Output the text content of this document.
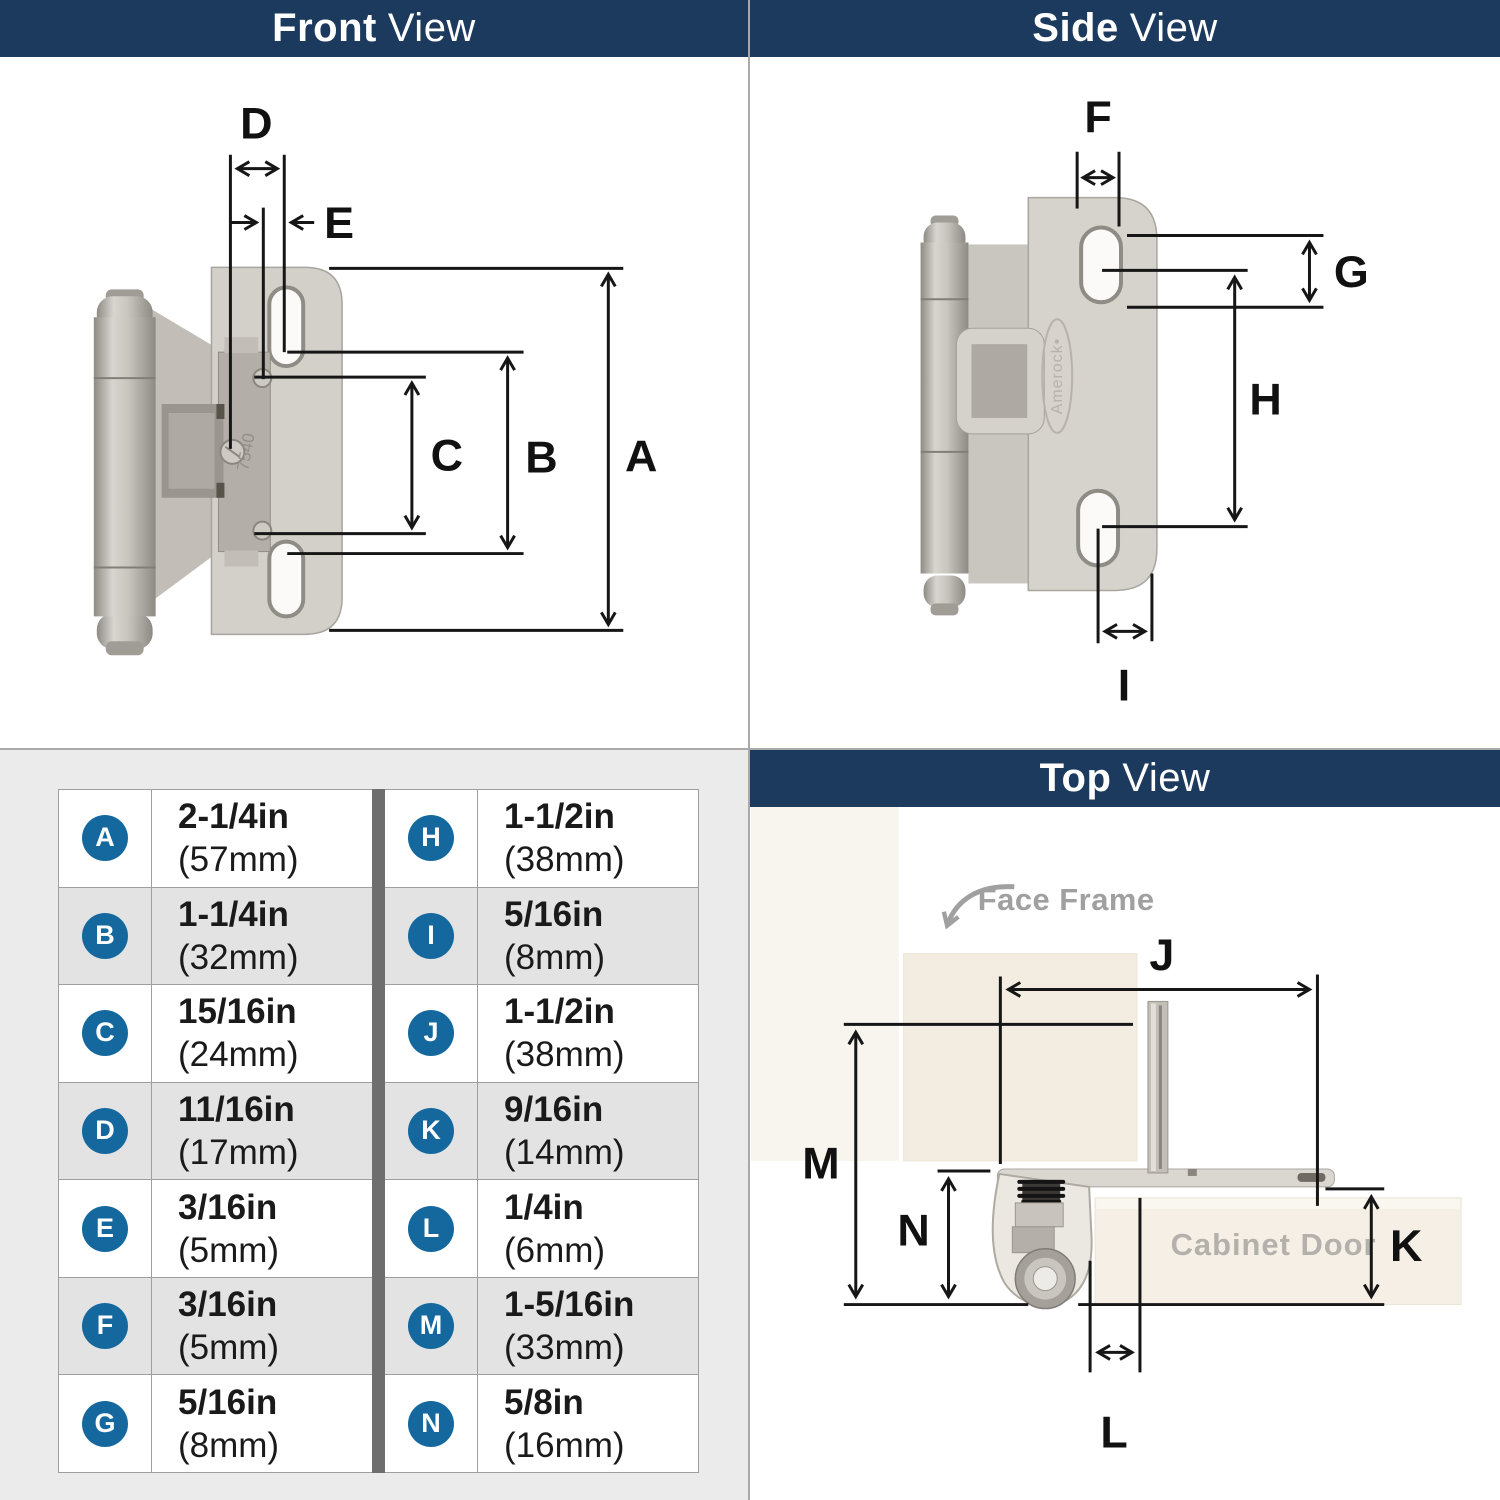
Front View
7540
D
E
A
B
C
Side View
Amerock•
F
G
H
I
A
2-1/4in
(57mm)
B
1-1/4in
(32mm)
C
15/16in
(24mm)
D
11/16in
(17mm)
E
3/16in
(5mm)
F
3/16in
(5mm)
G
5/16in
(8mm)
H
1-1/2in
(38mm)
I
5/16in
(8mm)
J
1-1/2in
(38mm)
K
9/16in
(14mm)
L
1/4in
(6mm)
M
1-5/16in
(33mm)
N
5/8in
(16mm)
Top View
Face Frame
Cabinet Door
J
M
N	K
L
